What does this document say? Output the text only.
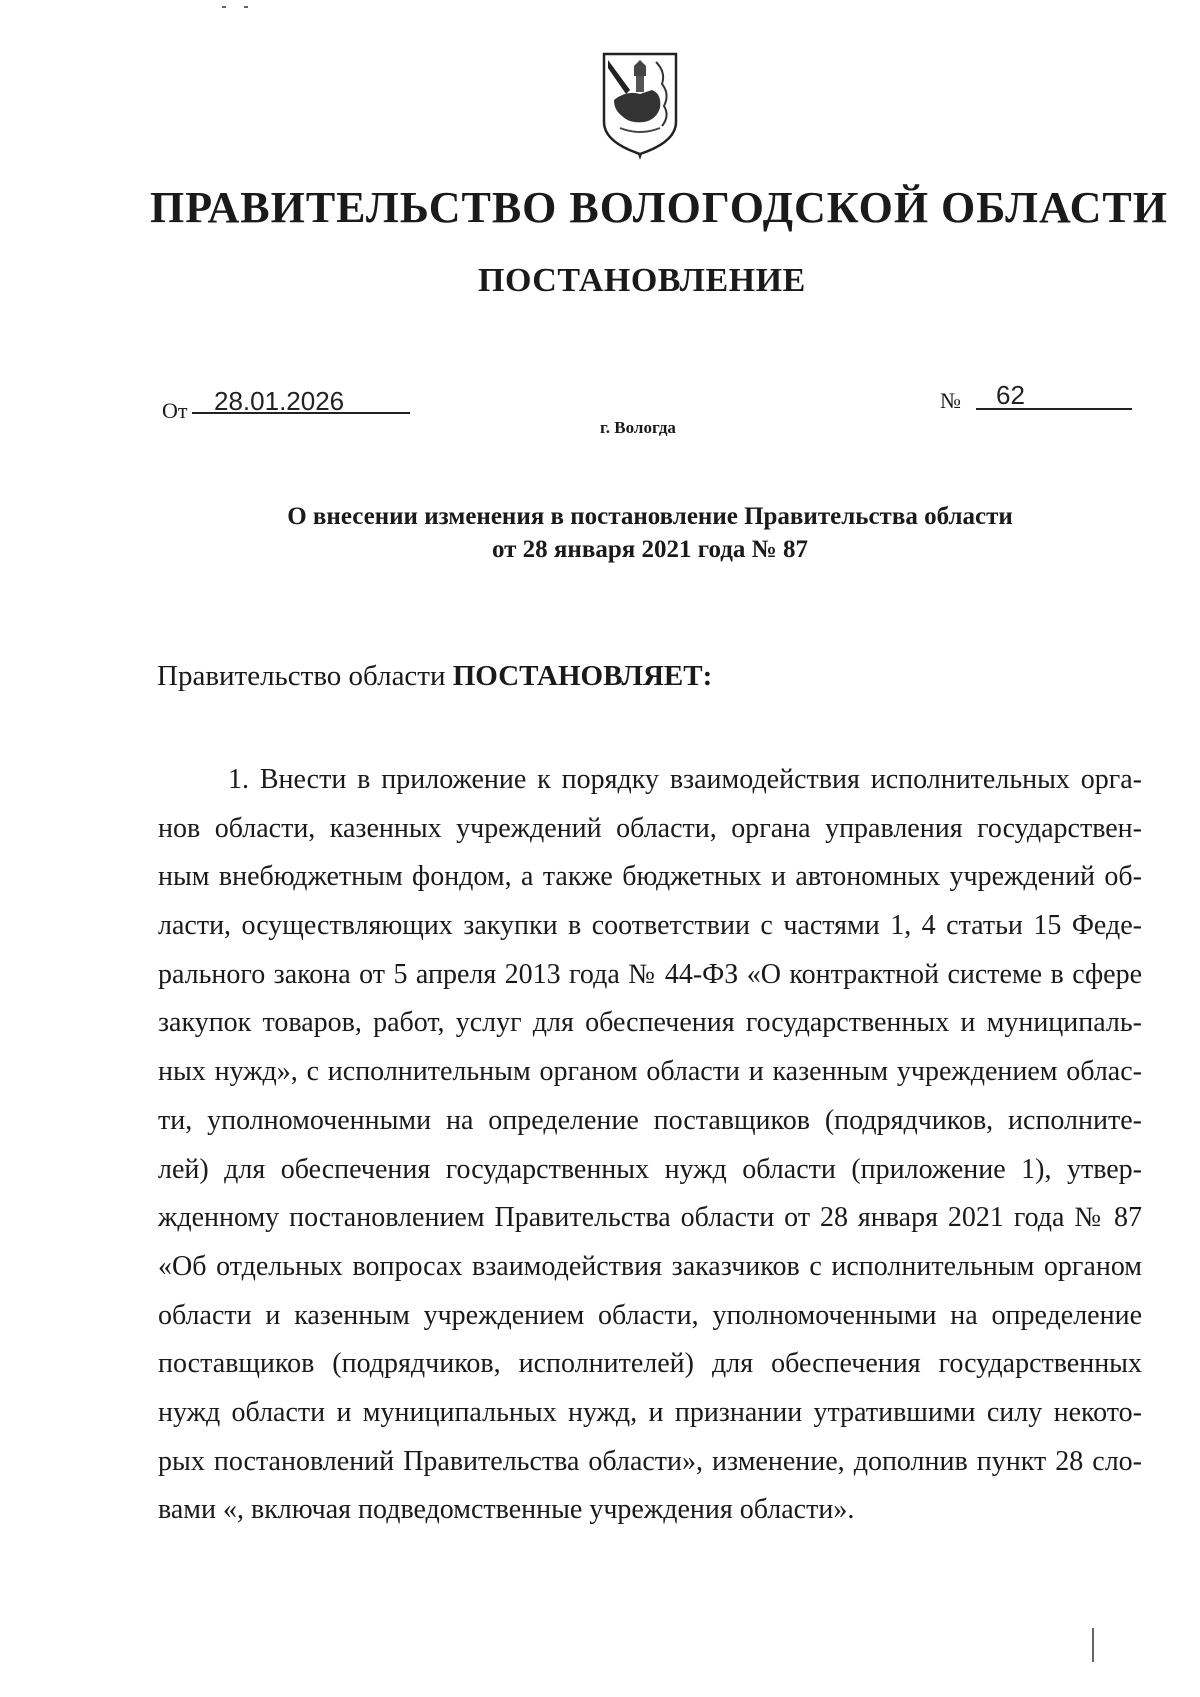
ПРАВИТЕЛЬСТВО ВОЛОГОДСКОЙ ОБЛАСТИ
ПОСТАНОВЛЕНИЕ
От 28.01.2026	№ 62
г. Вологда
О внесении изменения в постановление Правительства области
от 28 января 2021 года № 87
Правительство области ПОСТАНОВЛЯЕТ:
1. Внести в приложение к порядку взаимодействия исполнительных орга-
нов области, казенных учреждений области, органа управления государствен-
ным внебюджетным фондом, а также бюджетных и автономных учреждений об-
ласти, осуществляющих закупки в соответствии с частями 1, 4 статьи 15 Феде-
рального закона от 5 апреля 2013 года № 44-ФЗ «О контрактной системе в сфере
закупок товаров, работ, услуг для обеспечения государственных и муниципаль-
ных нужд», с исполнительным органом области и казенным учреждением облас-
ти, уполномоченными на определение поставщиков (подрядчиков, исполните-
лей) для обеспечения государственных нужд области (приложение 1), утвер-
жденному постановлением Правительства области от 28 января 2021 года № 87
«Об отдельных вопросах взаимодействия заказчиков с исполнительным органом
области и казенным учреждением области, уполномоченными на определение
поставщиков (подрядчиков, исполнителей) для обеспечения государственных
нужд области и муниципальных нужд, и признании утратившими силу некото-
рых постановлений Правительства области», изменение, дополнив пункт 28 сло-
вами «, включая подведомственные учреждения области».
